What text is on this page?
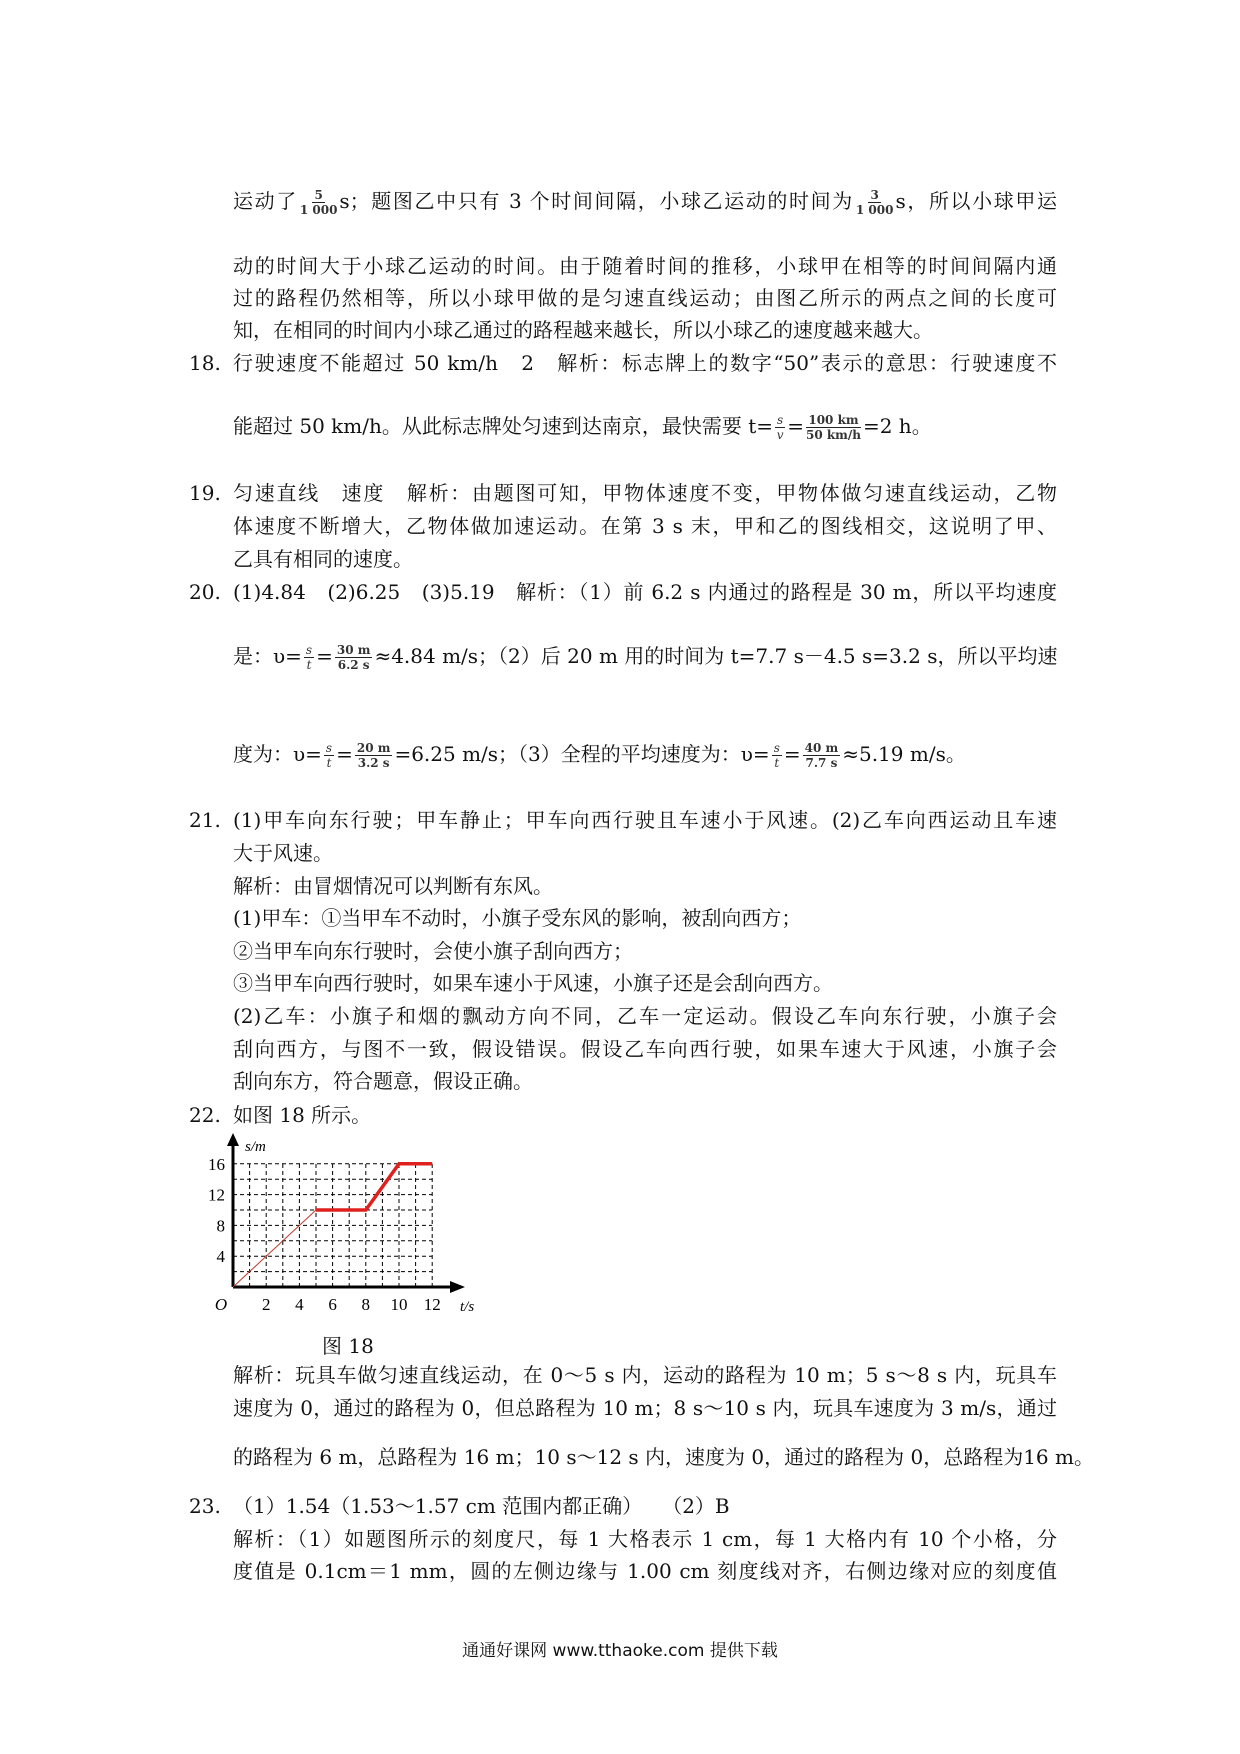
运动了 $\frac{5}{1 000}$ s；题图乙中只有 3 个时间间隔，小球乙运动的时间为 $\frac{3}{1 000}$ s，所以小球甲运
动的时间大于小球乙运动的时间。由于随着时间的推移，小球甲在相等的时间间隔内通
过的路程仍然相等，所以小球甲做的是匀速直线运动；由图乙所示的两点之间的长度可
知，在相同的时间内小球乙通过的路程越来越长，所以小球乙的速度越来越大。
18. 行驶速度不能超过 50 km/h　2　解析：标志牌上的数字“50”表示的意思：行驶速度不
能超过 50 km/h。从此标志牌处匀速到达南京，最快需要 $t= \frac{s}{v} = \frac{100 km}{50 km/h} =2$ h。
19. 匀速直线　速度　解析：由题图可知，甲物体速度不变，甲物体做匀速直线运动，乙物
体速度不断增大，乙物体做加速运动。在第 3 s 末，甲和乙的图线相交，这说明了甲、
乙具有相同的速度。
20. (1)4.84　(2)6.25　(3)5.19　解析：（1）前 6.2 s 内通过的路程是 30 m，所以平均速度
是：$\upsilon= \frac{s}{t} = \frac{30 m}{6.2 s} \approx 4.84$ m/s；（2）后 20 m 用的时间为 t=7.7 s－4.5 s=3.2 s，所以平均速
度为：$\upsilon= \frac{s}{t} = \frac{20 m}{3.2 s} =6.25$ m/s；（3）全程的平均速度为：$\upsilon= \frac{s}{t} = \frac{40 m}{7.7 s} \approx 5.19$ m/s。
21. (1)甲车向东行驶；甲车静止；甲车向西行驶且车速小于风速。(2)乙车向西运动且车速
大于风速。
解析：由冒烟情况可以判断有东风。
(1)甲车：①当甲车不动时，小旗子受东风的影响，被刮向西方；
②当甲车向东行驶时，会使小旗子刮向西方；
③当甲车向西行驶时，如果车速小于风速，小旗子还是会刮向西方。
(2)乙车：小旗子和烟的飘动方向不同，乙车一定运动。假设乙车向东行驶，小旗子会
刮向西方，与图不一致，假设错误。假设乙车向西行驶，如果车速大于风速，小旗子会
刮向东方，符合题意，假设正确。
22. 如图 18 所示。
2 4 6 8 10 12
4
8
12
16
O	t/s
s/m
图 18
解析：玩具车做匀速直线运动，在 0～5 s 内，运动的路程为 10 m；5 s～8 s 内，玩具车
速度为 0，通过的路程为 0，但总路程为 10 m；8 s～10 s 内，玩具车速度为 3 m/s，通过
的路程为 6 m，总路程为 16 m；10 s～12 s 内，速度为 0，通过的路程为 0，总路程为16 m。
23. （1）1.54（1.53～1.57 cm 范围内都正确）　　（2）B
解析：（1）如题图所示的刻度尺，每 1 大格表示 1 cm，每 1 大格内有 10 个小格，分
度值是 0.1cm＝1 mm，圆的左侧边缘与 1.00 cm 刻度线对齐，右侧边缘对应的刻度值
通通好课网 www.tthaoke.com 提供下载
